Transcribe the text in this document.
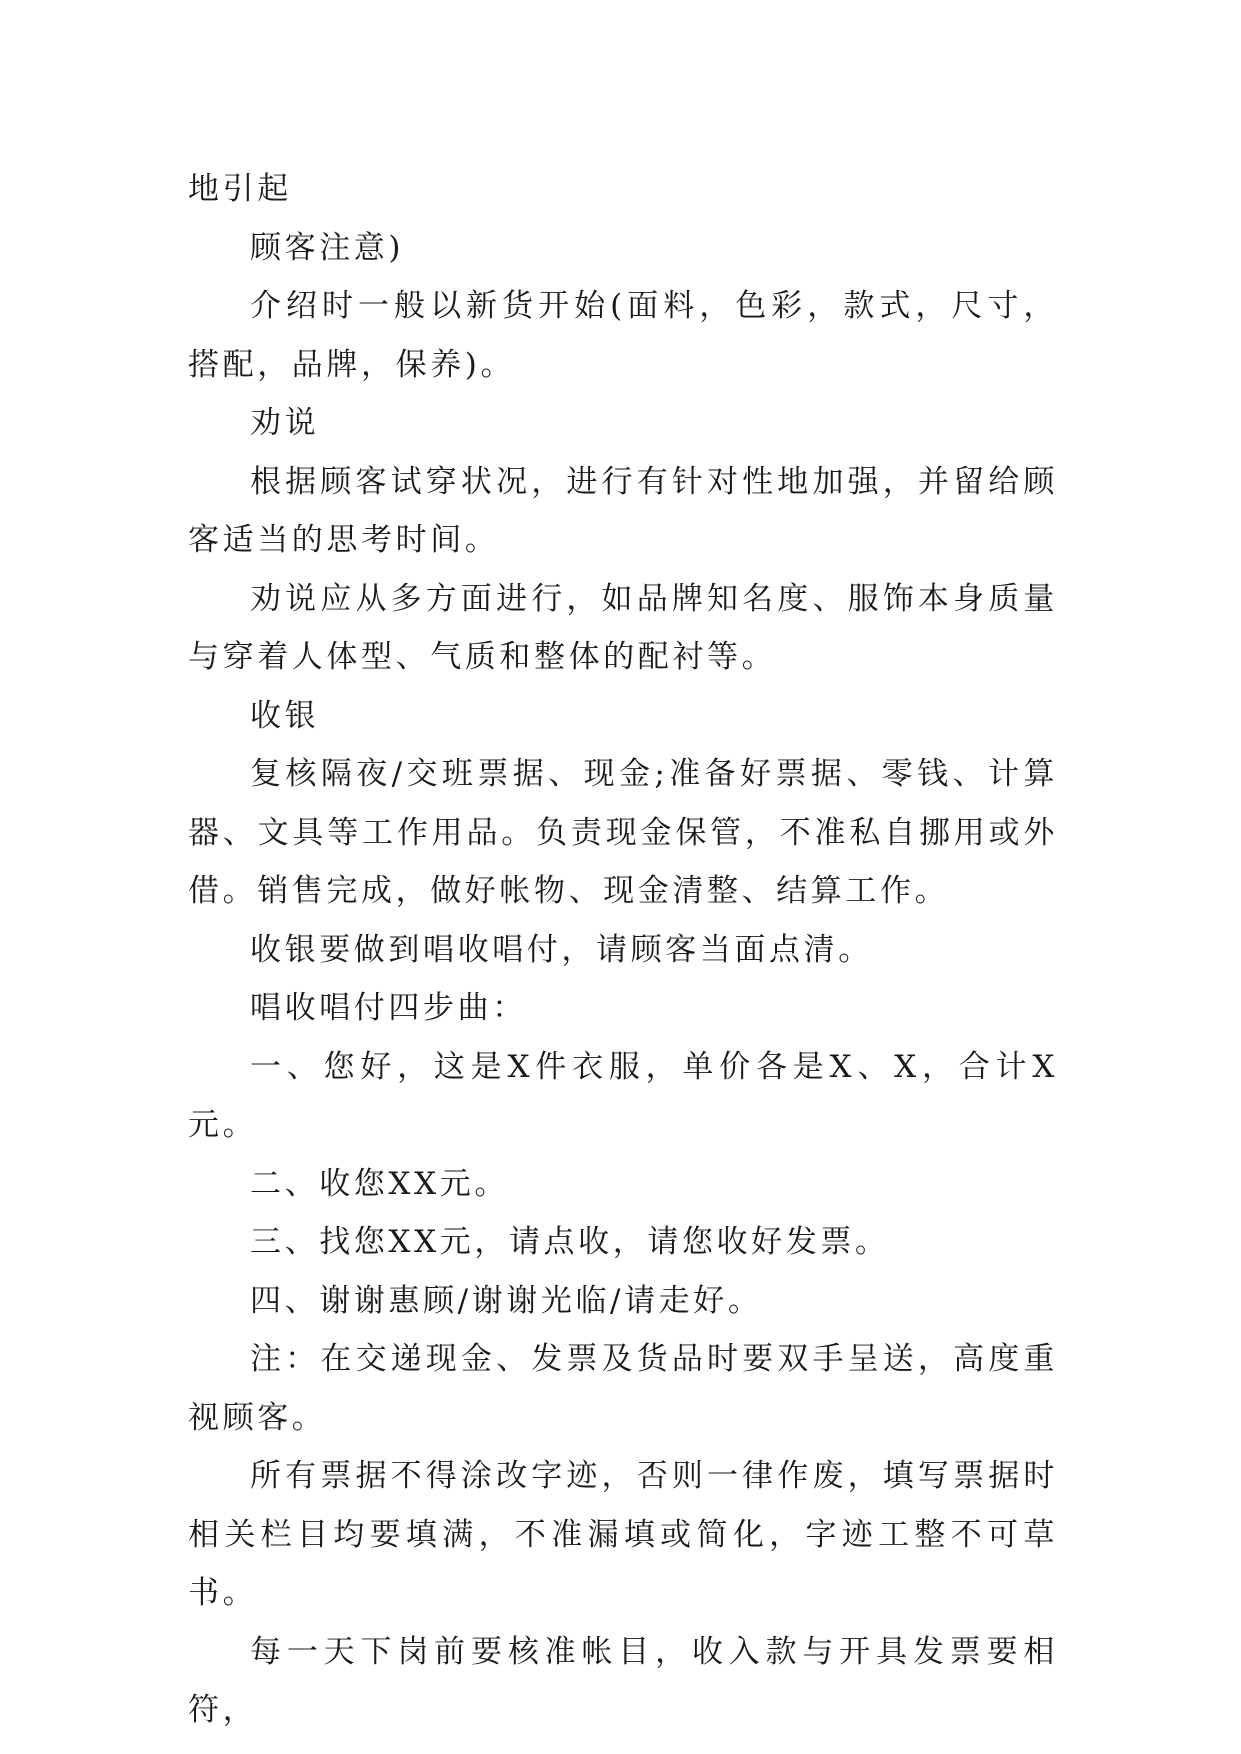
地引起

顾客注意)

介绍时一般以新货开始(面料，色彩，款式，尺寸，搭配，品牌，保养)。

劝说

根据顾客试穿状况，进行有针对性地加强，并留给顾客适当的思考时间。

劝说应从多方面进行，如品牌知名度、服饰本身质量与穿着人体型、气质和整体的配衬等。

收银

复核隔夜/交班票据、现金;准备好票据、零钱、计算器、文具等工作用品。负责现金保管，不准私自挪用或外借。销售完成，做好帐物、现金清整、结算工作。

收银要做到唱收唱付，请顾客当面点清。

唱收唱付四步曲：

一、您好，这是X件衣服，单价各是X、X，合计X元。

二、收您XX元。

三、找您XX元，请点收，请您收好发票。

四、谢谢惠顾/谢谢光临/请走好。

注：在交递现金、发票及货品时要双手呈送，高度重视顾客。

所有票据不得涂改字迹，否则一律作废，填写票据时相关栏目均要填满，不准漏填或简化，字迹工整不可草书。

每一天下岗前要核准帐目，收入款与开具发票要相符，
